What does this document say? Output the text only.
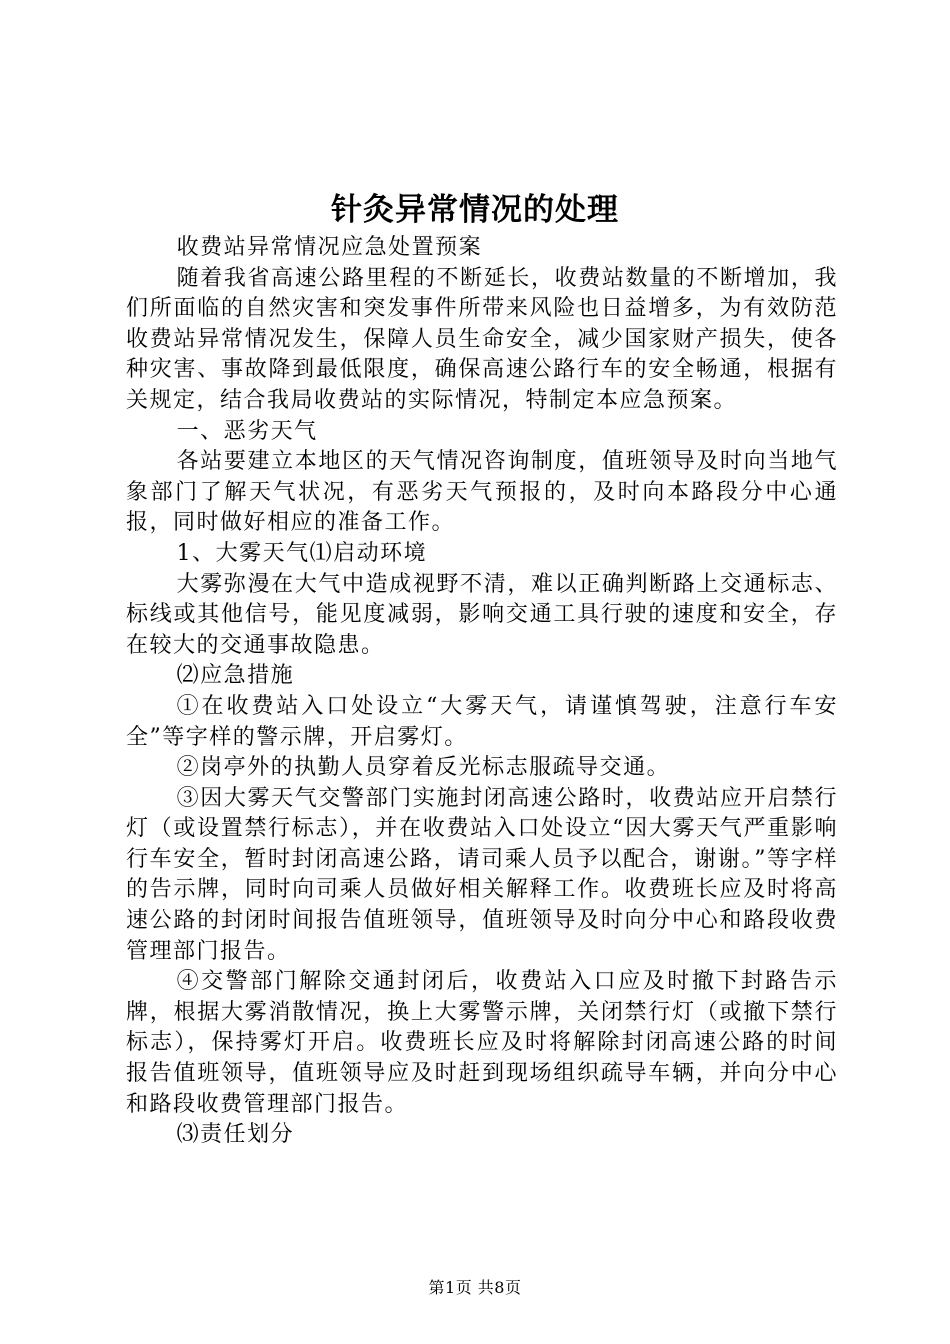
针灸异常情况的处理

收费站异常情况应急处置预案

随着我省高速公路里程的不断延长，收费站数量的不断增加，我们所面临的自然灾害和突发事件所带来风险也日益增多，为有效防范收费站异常情况发生，保障人员生命安全，减少国家财产损失，使各种灾害、事故降到最低限度，确保高速公路行车的安全畅通，根据有关规定，结合我局收费站的实际情况，特制定本应急预案。

一、恶劣天气

各站要建立本地区的天气情况咨询制度，值班领导及时向当地气象部门了解天气状况，有恶劣天气预报的，及时向本路段分中心通报，同时做好相应的准备工作。

1、大雾天气⑴启动环境

大雾弥漫在大气中造成视野不清，难以正确判断路上交通标志、标线或其他信号，能见度减弱，影响交通工具行驶的速度和安全，存在较大的交通事故隐患。

⑵应急措施

①在收费站入口处设立“大雾天气，请谨慎驾驶，注意行车安全”等字样的警示牌，开启雾灯。

②岗亭外的执勤人员穿着反光标志服疏导交通。

③因大雾天气交警部门实施封闭高速公路时，收费站应开启禁行灯（或设置禁行标志），并在收费站入口处设立“因大雾天气严重影响行车安全，暂时封闭高速公路，请司乘人员予以配合，谢谢。”等字样的告示牌，同时向司乘人员做好相关解释工作。收费班长应及时将高速公路的封闭时间报告值班领导，值班领导及时向分中心和路段收费管理部门报告。

④交警部门解除交通封闭后，收费站入口应及时撤下封路告示牌，根据大雾消散情况，换上大雾警示牌，关闭禁行灯（或撤下禁行标志），保持雾灯开启。收费班长应及时将解除封闭高速公路的时间报告值班领导，值班领导应及时赶到现场组织疏导车辆，并向分中心和路段收费管理部门报告。

⑶责任划分

第1页 共8页
